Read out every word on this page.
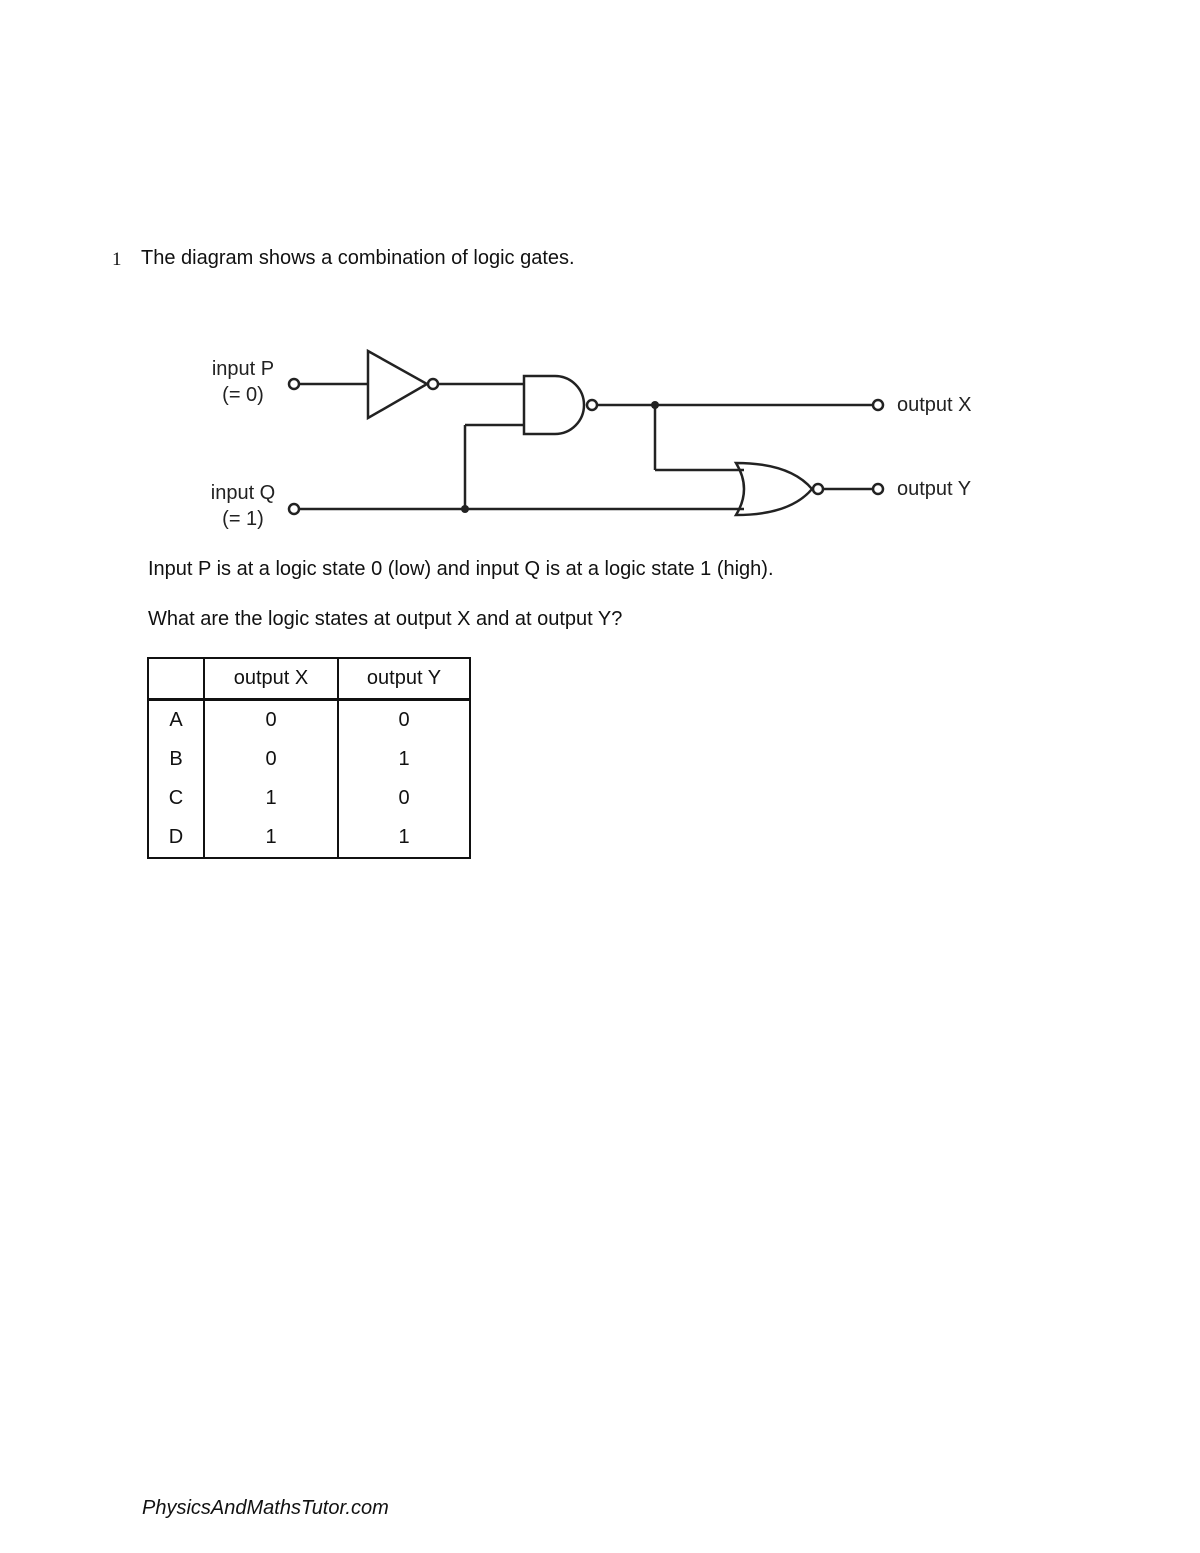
1 The diagram shows a combination of logic gates.
input P
(= 0)
input Q
(= 1)
output X
output Y
Input P is at a logic state 0 (low) and input Q is at a logic state 1 (high).
What are the logic states at output X and at output Y?
	output X	output Y
A	0	0
B	0	1
C	1	0
D	1	1
PhysicsAndMathsTutor.com
